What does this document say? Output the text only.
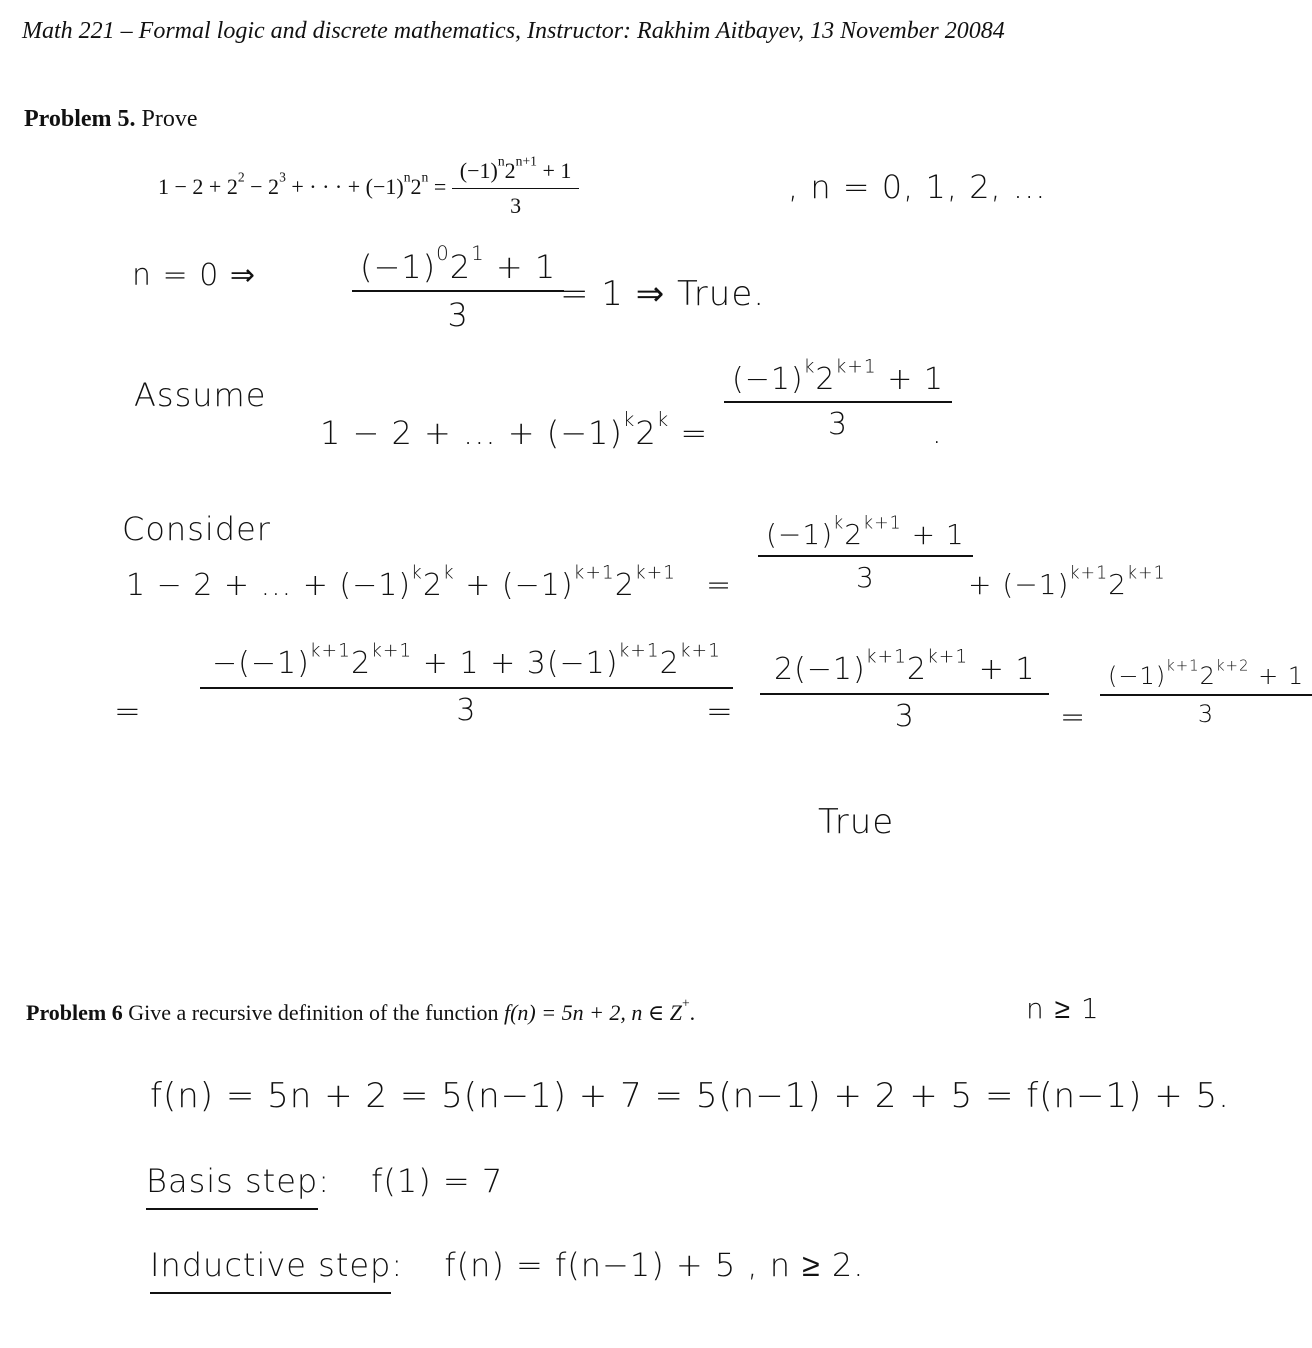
Math 221 – Formal logic and discrete mathematics, Instructor: Rakhim Aitbayev, 13 November 20084
Problem 5. Prove
$1 - 2 + 2^2 - 2^3$ + · · · + $(-1)^n2^n = \frac{(-1)^n2^{n+1} + 1}{3}$	, n = 0, 1, 2, ...
n = 0 ⇒	$\frac{(-1)^02^1 + 1}{3}$
= 1 ⇒ True.
Assume
1 − 2 + ... + $(-1)^k2^k = \frac{(-1)^k2^{k+1} + 1}{3}$
.
Consider
1 − 2 + ... + $(-1)^k2^k + (-1)^{k+1}2^{k+1} = \frac{(-1)^k2^{k+1} + 1}{3}$
+ $(-1)^{k+1}2^{k+1}$
= $\frac{-(-1)^{k+1}2^{k+1} + 1 + 3(-1)^{k+1}2^{k+1}}{3}$
= $\frac{2(-1)^{k+1}2^{k+1} + 1}{3} = \frac{(-1)^{k+1}2^{k+2} + 1}{3}$
True
Problem 6 Give a recursive definition of the function f(n) = 5n + 2, n ∈ Z+.	n ≥ 1
f(n) = 5n + 2 = 5(n−1) + 7 = 5(n−1) + 2 + 5 = f(n−1) + 5.
Basis step: f(1) = 7
Inductive step: f(n) = f(n−1) + 5 , n ≥ 2.
